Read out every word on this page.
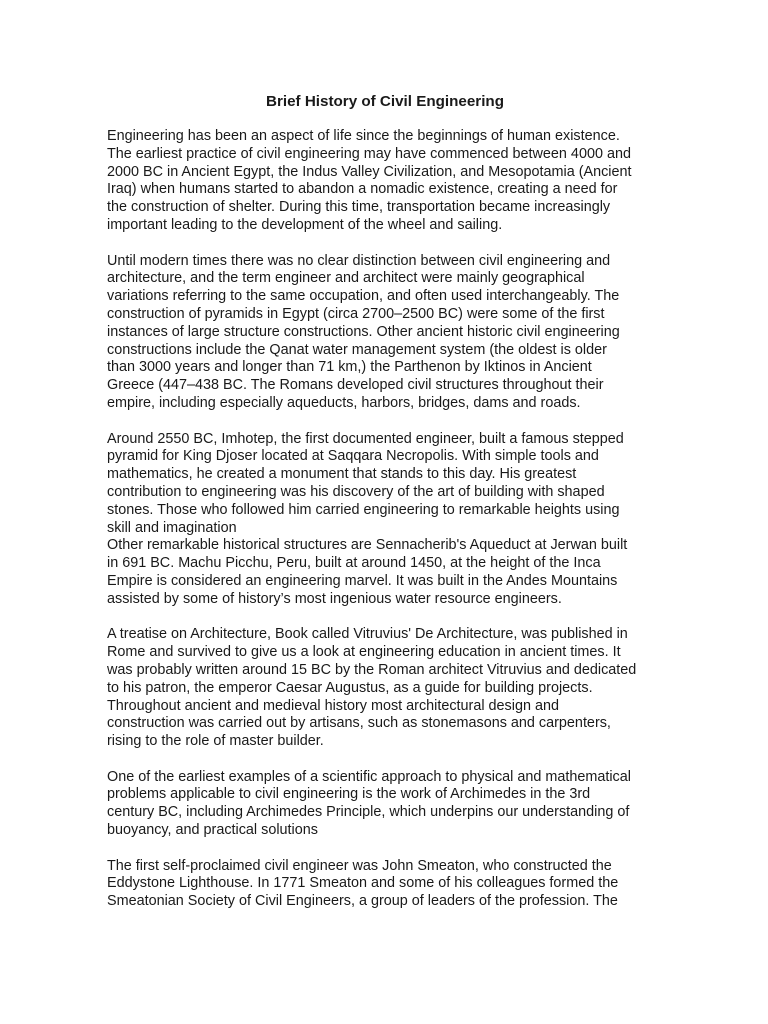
Brief History of Civil Engineering

Engineering has been an aspect of life since the beginnings of human existence.
The earliest practice of civil engineering may have commenced between 4000 and
2000 BC in Ancient Egypt, the Indus Valley Civilization, and Mesopotamia (Ancient
Iraq) when humans started to abandon a nomadic existence, creating a need for
the construction of shelter. During this time, transportation became increasingly
important leading to the development of the wheel and sailing.

Until modern times there was no clear distinction between civil engineering and
architecture, and the term engineer and architect were mainly geographical
variations referring to the same occupation, and often used interchangeably. The
construction of pyramids in Egypt (circa 2700–2500 BC) were some of the first
instances of large structure constructions. Other ancient historic civil engineering
constructions include the Qanat water management system (the oldest is older
than 3000 years and longer than 71 km,) the Parthenon by Iktinos in Ancient
Greece (447–438 BC. The Romans developed civil structures throughout their
empire, including especially aqueducts, harbors, bridges, dams and roads.

Around 2550 BC, Imhotep, the first documented engineer, built a famous stepped
pyramid for King Djoser located at Saqqara Necropolis. With simple tools and
mathematics, he created a monument that stands to this day. His greatest
contribution to engineering was his discovery of the art of building with shaped
stones. Those who followed him carried engineering to remarkable heights using
skill and imagination

Other remarkable historical structures are Sennacherib's Aqueduct at Jerwan built
in 691 BC. Machu Picchu, Peru, built at around 1450, at the height of the Inca
Empire is considered an engineering marvel. It was built in the Andes Mountains
assisted by some of history’s most ingenious water resource engineers.

A treatise on Architecture, Book called Vitruvius' De Architecture, was published in
Rome and survived to give us a look at engineering education in ancient times. It
was probably written around 15 BC by the Roman architect Vitruvius and dedicated
to his patron, the emperor Caesar Augustus, as a guide for building projects.
Throughout ancient and medieval history most architectural design and
construction was carried out by artisans, such as stonemasons and carpenters,
rising to the role of master builder.

One of the earliest examples of a scientific approach to physical and mathematical
problems applicable to civil engineering is the work of Archimedes in the 3rd
century BC, including Archimedes Principle, which underpins our understanding of
buoyancy, and practical solutions

The first self-proclaimed civil engineer was John Smeaton, who constructed the
Eddystone Lighthouse. In 1771 Smeaton and some of his colleagues formed the
Smeatonian Society of Civil Engineers, a group of leaders of the profession. The
